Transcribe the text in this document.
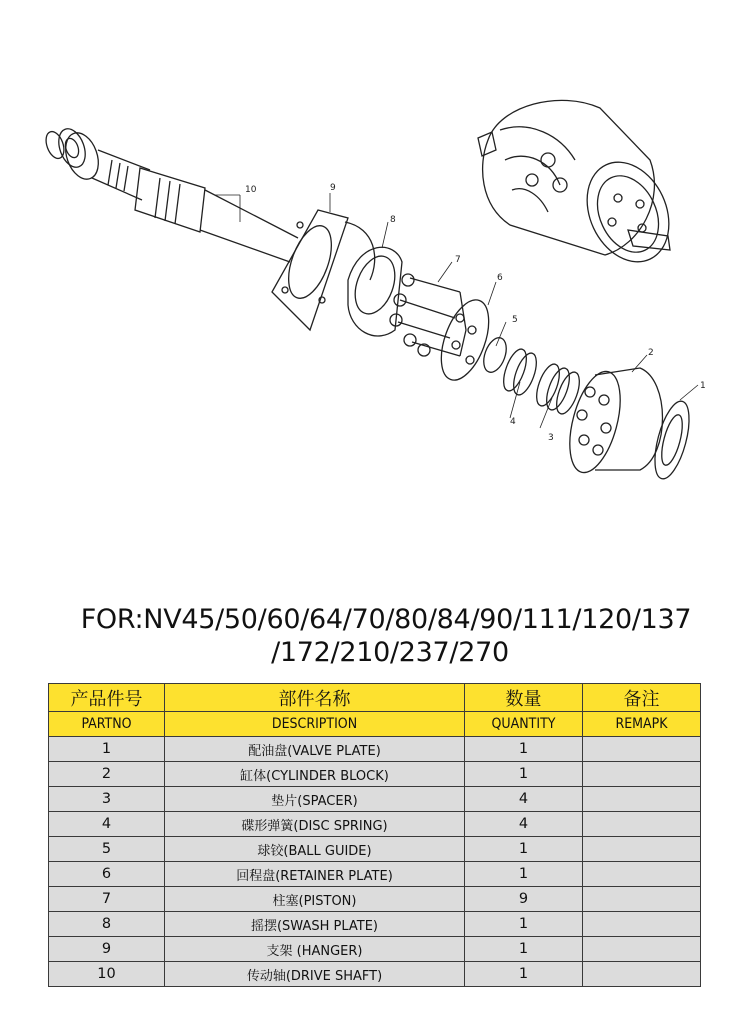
1
2
3
4
5
6
7
8
9
10
FOR:NV45/50/60/64/70/80/84/90/111/120/137
/172/210/237/270
产品件号	部件名称	数量	备注
PARTNO	DESCRIPTION	QUANTITY	REMAPK
1	配油盘(VALVE PLATE)	1	
2	缸体(CYLINDER BLOCK)	1	
3	垫片(SPACER)	4	
4	碟形弹簧(DISC SPRING)	4	
5	球铰(BALL GUIDE)	1	
6	回程盘(RETAINER PLATE)	1	
7	柱塞(PISTON)	9	
8	摇摆(SWASH PLATE)	1	
9	支架 (HANGER)	1	
10	传动轴(DRIVE SHAFT)	1	
